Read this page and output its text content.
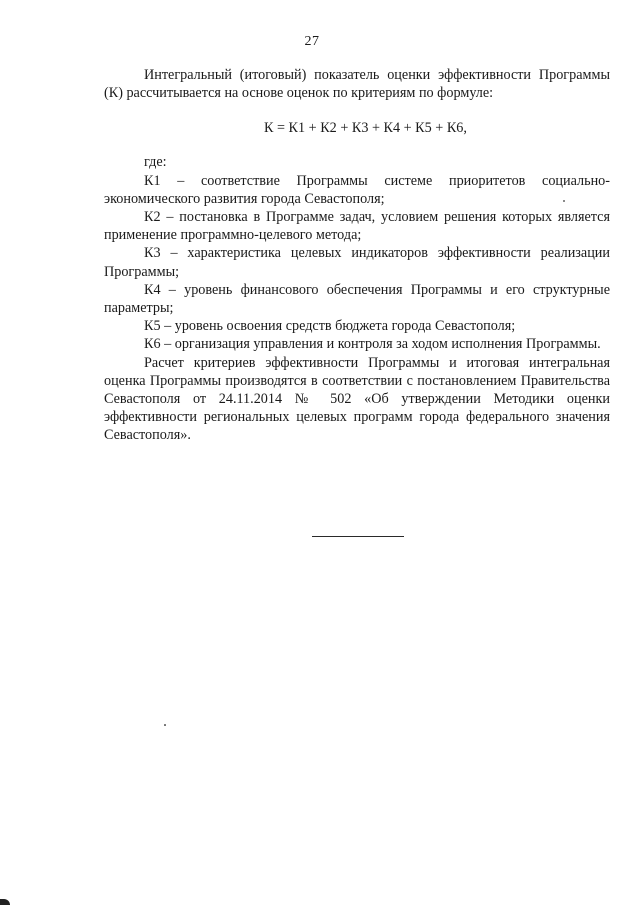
27

Интегральный (итоговый) показатель оценки эффективности Программы (К) рассчитывается на основе оценок по критериям по формуле:

К = К1 + К2 + К3 + К4 + К5 + К6,

где:

К1 – соответствие Программы системе приоритетов социально-экономического развития города Севастополя;

К2 – постановка в Программе задач, условием решения которых является применение программно-целевого метода;

К3 – характеристика целевых индикаторов эффективности реализации Программы;

К4 – уровень финансового обеспечения Программы и его структурные параметры;

К5 – уровень освоения средств бюджета города Севастополя;

К6 – организация управления и контроля за ходом исполнения Программы.

Расчет критериев эффективности Программы и итоговая интегральная оценка Программы производятся в соответствии с постановлением Правительства Севастополя от 24.11.2014 № 502 «Об утверждении Методики оценки эффективности региональных целевых программ города федерального значения Севастополя».
